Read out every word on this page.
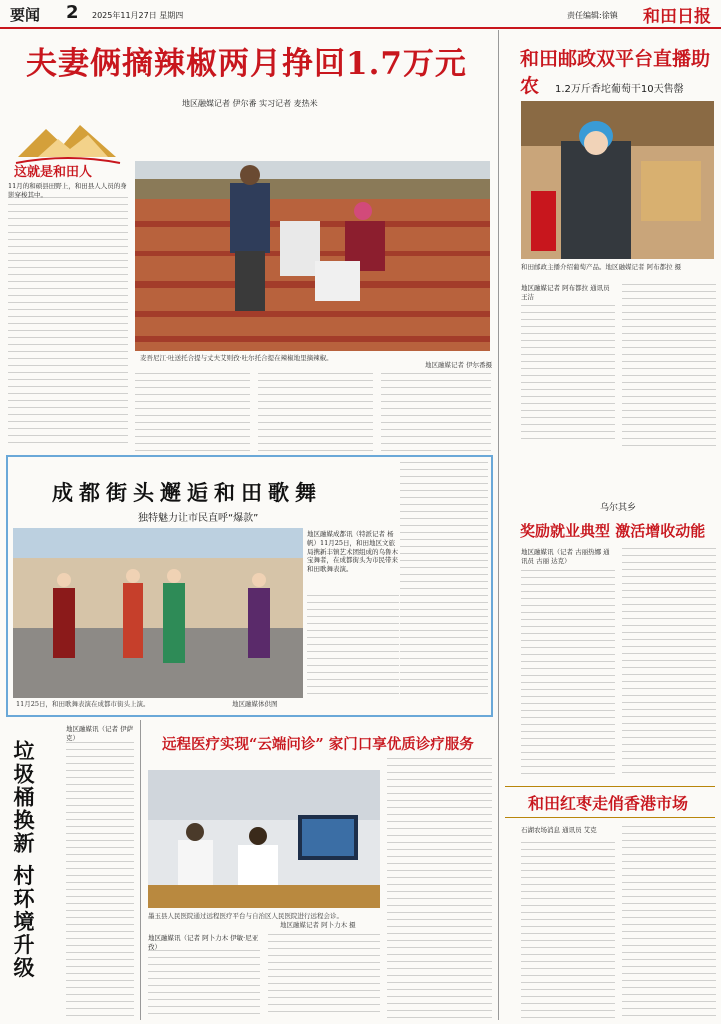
要闻 2 2025年11月27日 星期四	责任编辑:徐镇 和田日报
夫妻俩摘辣椒两月挣回1.7万元
地区融媒记者 伊尔番 实习记者 麦热米
这就是和田人
11月的和硕县田野上，和田县人人员的身影穿梭其中。
麦吾尼江·吐送托合提与丈夫艾则孜·吐尔托合提在辣椒地里摘辣椒。
地区融媒记者 伊尔番摄
和田邮政双平台直播助农	1.2万斤香坨葡萄干10天售罄
和田邮政主播介绍葡萄产品。地区融媒记者 阿布都拉 摄
地区融媒记者 阿布都拉 通讯员 王洁
成都街头邂逅和田歌舞
独特魅力让市民直呼“爆款”
11月25日，和田歌舞表演在成都市街头上演。	地区融媒体供图
地区融媒成都讯（特派记者 杨帆）11月25日，和田地区文旅局携新丰镇艺术团组成的乌鲁木宝舞者，在成都街头为市民带来和田歌舞表演。
乌尔其乡
奖励就业典型 激活增收动能
地区融媒讯（记者 古丽热娜 通讯员 古丽 达克）
垃圾桶换新 村环境升级
地区融媒讯（记者 伊萨克）	远程医疗实现“云端问诊” 家门口享优质诊疗服务
墨玉县人民医院通过远程医疗平台与自治区人民医院进行远程会诊。
地区融媒记者 阿卜力木 摄
地区融媒讯（记者 阿卜力木 伊敏·尼亚孜）
和田红枣走俏香港市场
石湖农场消息 通讯员 艾克
